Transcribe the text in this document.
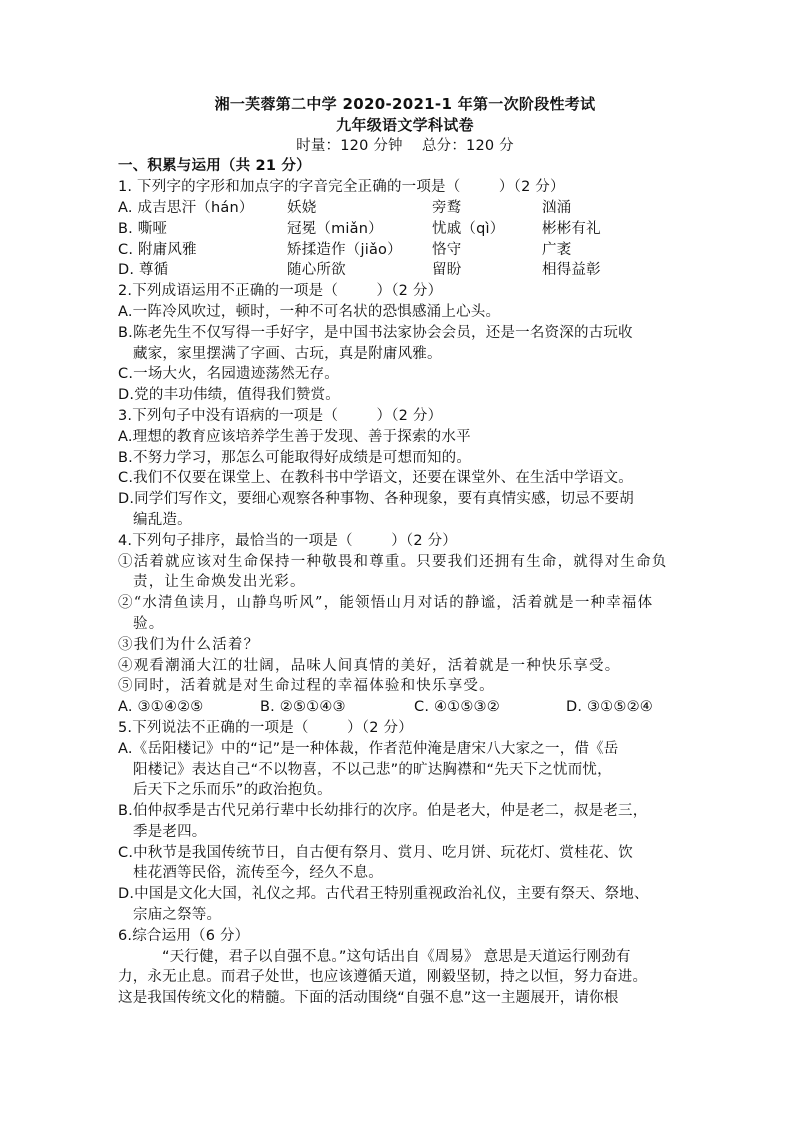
湘一芙蓉第二中学 2020-2021-1 年第一次阶段性考试
九年级语文学科试卷
时量：120 分钟    总分：120 分
一、积累与运用（共 21 分）
1. 下列字的字形和加点字的字音完全正确的一项是（        ）（2 分）
A. 成吉思汗（hán）	妖娆	旁鹜	汹涌
B. 嘶哑	冠冕（miǎn）	忧戚（qì）	彬彬有礼
C. 附庸风雅	矫揉造作（jiǎo）	恪守	广袤
D. 尊循	随心所欲	留盼	相得益彰
2.下列成语运用不正确的一项是（        ）（2 分）
A.一阵冷风吹过，顿时，一种不可名状的恐惧感涌上心头。
B.陈老先生不仅写得一手好字，是中国书法家协会会员，还是一名资深的古玩收
藏家，家里摆满了字画、古玩，真是附庸风雅。
C.一场大火，名园遗迹荡然无存。
D.党的丰功伟绩，值得我们赞赏。
3.下列句子中没有语病的一项是（        ）（2 分）
A.理想的教育应该培养学生善于发现、善于探索的水平
B.不努力学习，那怎么可能取得好成绩是可想而知的。
C.我们不仅要在课堂上、在教科书中学语文，还要在课堂外、在生活中学语文。
D.同学们写作文，要细心观察各种事物、各种现象，要有真情实感，切忌不要胡
编乱造。
4.下列句子排序，最恰当的一项是（        ）（2 分）
①活着就应该对生命保持一种敬畏和尊重。只要我们还拥有生命，就得对生命负
责，让生命焕发出光彩。
②“水清鱼读月，山静鸟听风”，能领悟山月对话的静谧，活着就是一种幸福体
验。
③我们为什么活着？
④观看潮涌大江的壮阔，品味人间真情的美好，活着就是一种快乐享受。
⑤同时，活着就是对生命过程的幸福体验和快乐享受。
A. ③①④②⑤	B. ②⑤①④③	C. ④①⑤③②	D. ③①⑤②④
5.下列说法不正确的一项是（        ）（2 分）
A.《岳阳楼记》中的“记”是一种体裁，作者范仲淹是唐宋八大家之一，借《岳
阳楼记》表达自己“不以物喜，不以己悲”的旷达胸襟和“先天下之忧而忧，
后天下之乐而乐”的政治抱负。
B.伯仲叔季是古代兄弟行辈中长幼排行的次序。伯是老大，仲是老二，叔是老三，
季是老四。
C.中秋节是我国传统节日，自古便有祭月、赏月、吃月饼、玩花灯、赏桂花、饮
桂花酒等民俗，流传至今，经久不息。
D.中国是文化大国，礼仪之邦。古代君王特别重视政治礼仪，主要有祭天、祭地、
宗庙之祭等。
6.综合运用（6 分）
“天行健，君子以自强不息。”这句话出自《周易》 意思是天道运行刚劲有
力，永无止息。而君子处世，也应该遵循天道，刚毅坚韧，持之以恒，努力奋进。
这是我国传统文化的精髓。下面的活动围绕“自强不息”这一主题展开，请你根
